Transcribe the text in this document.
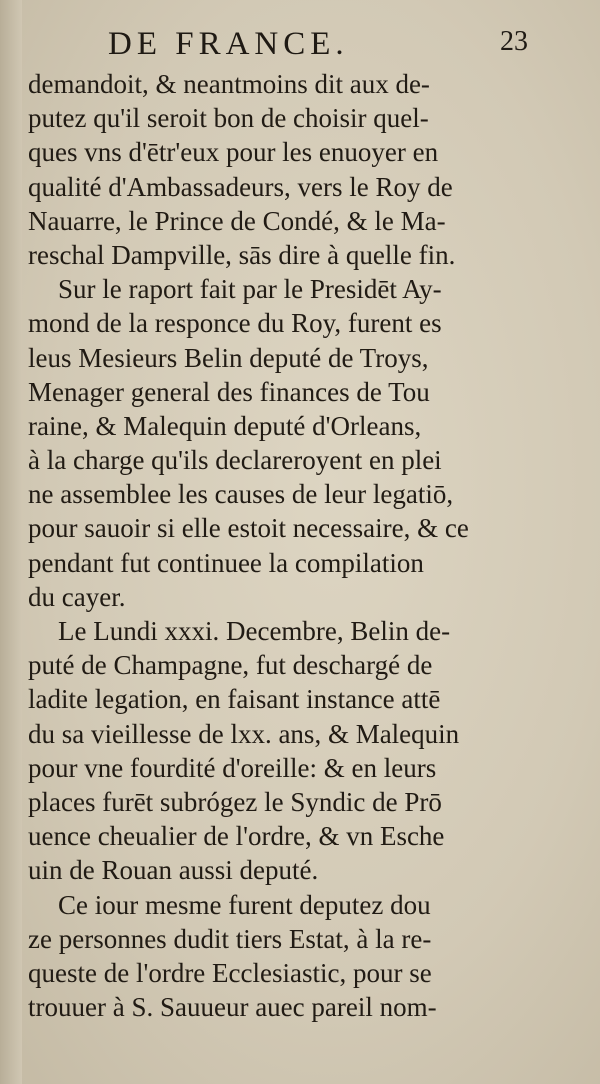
DE FRANCE.	23
demandoit, & neantmoins dit aux de-
putez qu'il seroit bon de choisir quel-
ques vns d'ētr'eux pour les enuoyer en
qualité d'Ambassadeurs, vers le Roy de
Nauarre, le Prince de Condé, & le Ma-
reschal Dampville, sās dire à quelle fin.
Sur le raport fait par le Presidēt Ay-
mond de la responce du Roy, furent es
leus Mesieurs Belin deputé de Troys,
Menager general des finances de Tou
raine, & Malequin deputé d'Orleans,
à la charge qu'ils declareroyent en plei
ne assemblee les causes de leur legatiō,
pour sauoir si elle estoit necessaire, & ce
pendant fut continuee la compilation
du cayer.
Le Lundi xxxi. Decembre, Belin de-
puté de Champagne, fut deschargé de
ladite legation, en faisant instance attē
du sa vieillesse de lxx. ans, & Malequin
pour vne fourdité d'oreille: & en leurs
places furēt subrógez le Syndic de Prō
uence cheualier de l'ordre, & vn Esche
uin de Rouan aussi deputé.
Ce iour mesme furent deputez dou
ze personnes dudit tiers Estat, à la re-
queste de l'ordre Ecclesiastic, pour se
trouuer à S. Sauueur auec pareil nom-
